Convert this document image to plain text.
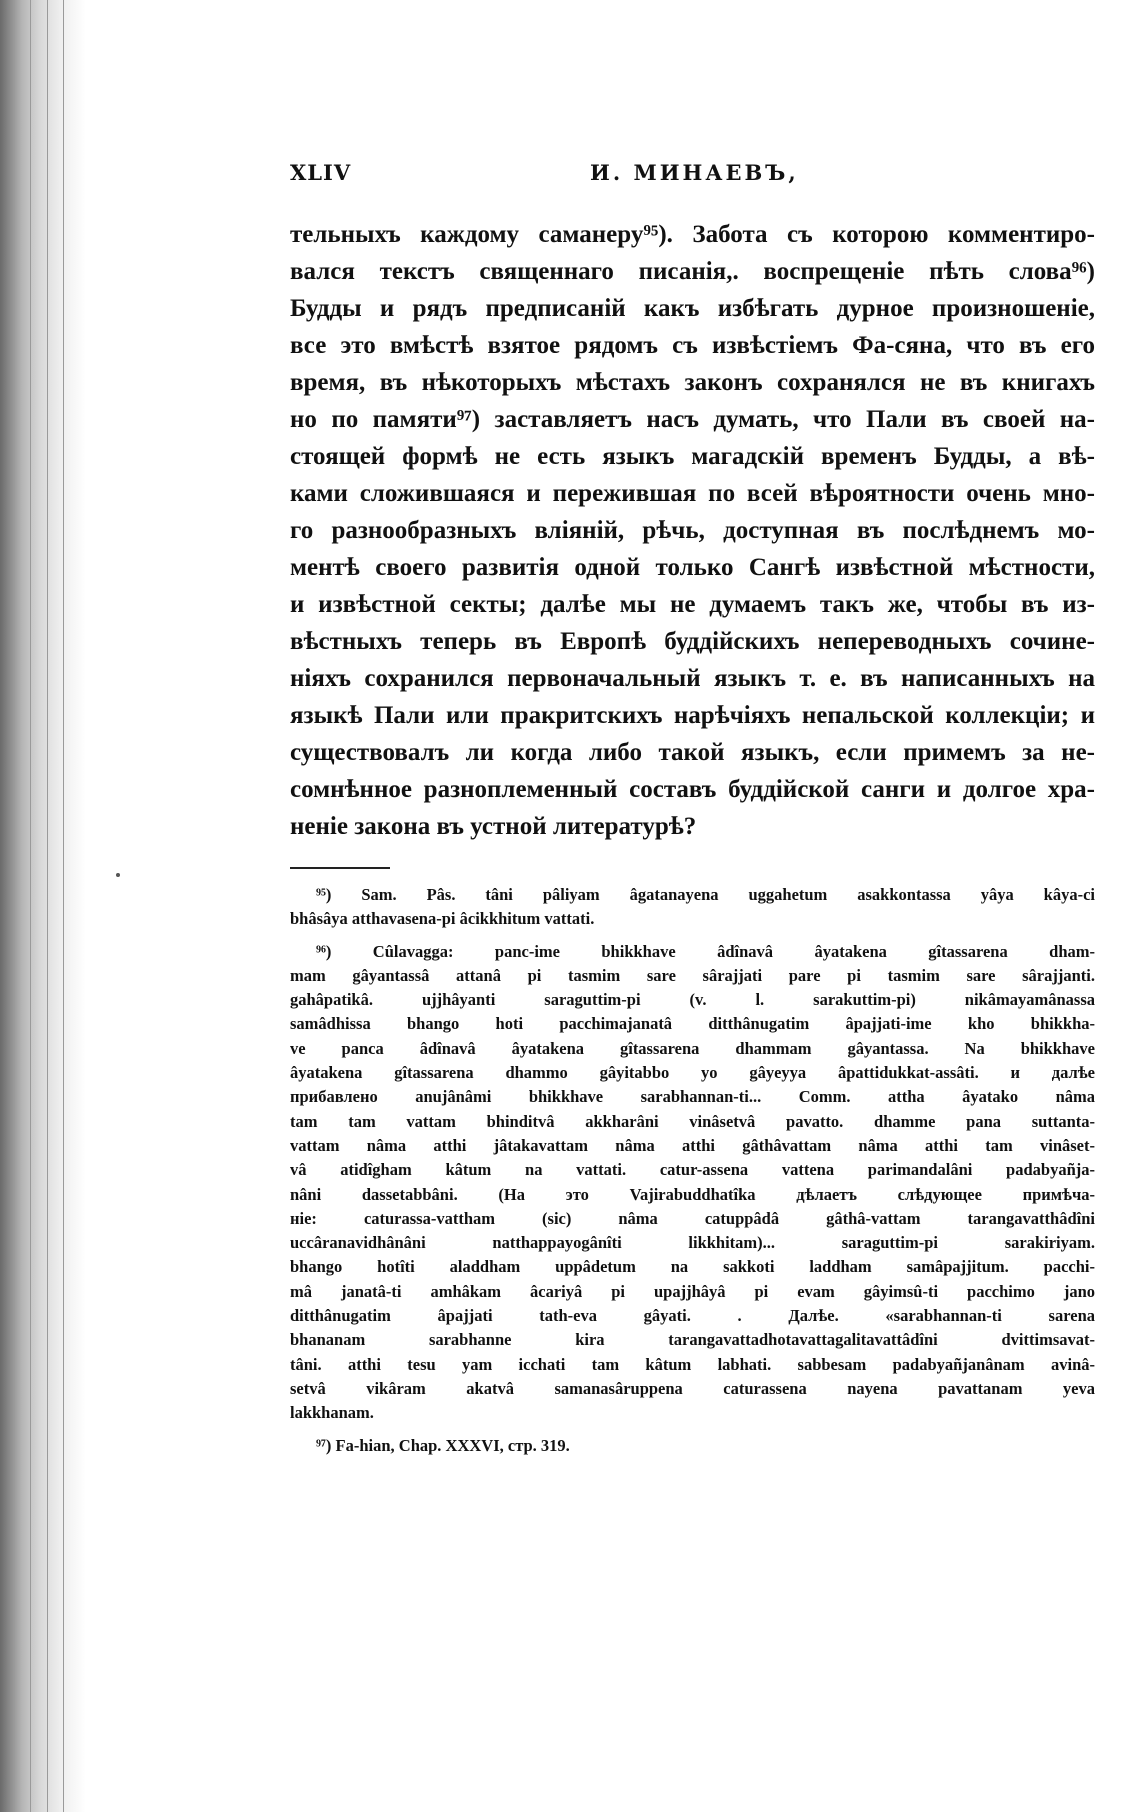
XLIV	И. МИНАЕВЪ,
тельныхъ каждому саманеру⁹⁵). Забота съ которою комментиро-
вался текстъ священнаго писанія,. воспрещеніе пѣть слова⁹⁶)
Будды и рядъ предписаній какъ избѣгать дурное произношеніе,
все это вмѣстѣ взятое рядомъ съ извѣстіемъ Фа-сяна, что въ его
время, въ нѣкоторыхъ мѣстахъ законъ сохранялся не въ книгахъ
но по памяти⁹⁷) заставляетъ насъ думать, что Пали въ своей на-
стоящей формѣ не есть языкъ магадскій временъ Будды, а вѣ-
ками сложившаяся и пережившая по всей вѣроятности очень мно-
го разнообразныхъ вліяній, рѣчь, доступная въ послѣднемъ мо-
ментѣ своего развитія одной только Сангѣ извѣстной мѣстности,
и извѣстной секты; далѣе мы не думаемъ такъ же, чтобы въ из-
вѣстныхъ теперь въ Европѣ буддійскихъ непереводныхъ сочине-
ніяхъ сохранился первоначальный языкъ т. е. въ написанныхъ на
языкѣ Пали или пракритскихъ нарѣчіяхъ непальской коллекціи; и
существовалъ ли когда либо такой языкъ, если примемъ за не-
сомнѣнное разноплеменный составъ буддійской санги и долгое хра-
неніе закона въ устной литературѣ?
⁹⁵) Sam. Pâs. tâni pâliyam âgatanayena uggahetum asakkontassa yâya kâya-ci
bhâsâya atthavasena-pi âcikkhitum vattati.
⁹⁶) Cûlavagga: panc-ime bhikkhave âdînavâ âyatakena gîtassarena dham-
mam gâyantassâ attanâ pi tasmim sare sârajjati pare pi tasmim sare sârajjanti.
gahâpatikâ. ujjhâyanti saraguttim-pi (v. l. sarakuttim-pi) nikâmayamânassa
samâdhissa bhango hoti pacchimajanatâ ditthânugatim âpajjati-ime kho bhikkha-
ve panca âdînavâ âyatakena gîtassarena dhammam gâyantassa. Na bhikkhave
âyatakena gîtassarena dhammo gâyitabbo yo gâyeyya âpattidukkat-assâti. и далѣе
прибавлено anujânâmi bhikkhave sarabhannan-ti... Comm. attha âyatako nâma
tam tam vattam bhinditvâ akkharâni vinâsetvâ pavatto. dhamme pana suttanta-
vattam nâma atthi jâtakavattam nâma atthi gâthâvattam nâma atthi tam vinâset-
vâ atidîgham kâtum na vattati. catur-assena vattena parimandalâni padabyañja-
nâni dassetabbâni. (На это Vajirabuddhatîka дѣлаетъ слѣдующее примѣча-
ніе: caturassa-vattham (sic) nâma catuppâdâ gâthâ-vattam tarangavatthâdîni
uccâranavidhânâni natthappayogânîti likkhitam)... saraguttim-pi sarakiriyam.
bhango hotîti aladdham uppâdetum na sakkoti laddham samâpajjitum. pacchi-
mâ janatâ-ti amhâkam âcariyâ pi upajjhâyâ pi evam gâyimsû-ti pacchimo jano
ditthânugatim âpajjati tath-eva gâyati. . Далѣе. «sarabhannan-ti sarena
bhananam sarabhanne kira tarangavattadhotavattagalitavattâdîni dvittimsavat-
tâni. atthi tesu yam icchati tam kâtum labhati. sabbesam padabyañjanânam avinâ-
setvâ vikâram akatvâ samanasâruppena caturassena nayena pavattanam yeva
lakkhanam.
⁹⁷) Fa-hian, Chap. XXXVI, стр. 319.
